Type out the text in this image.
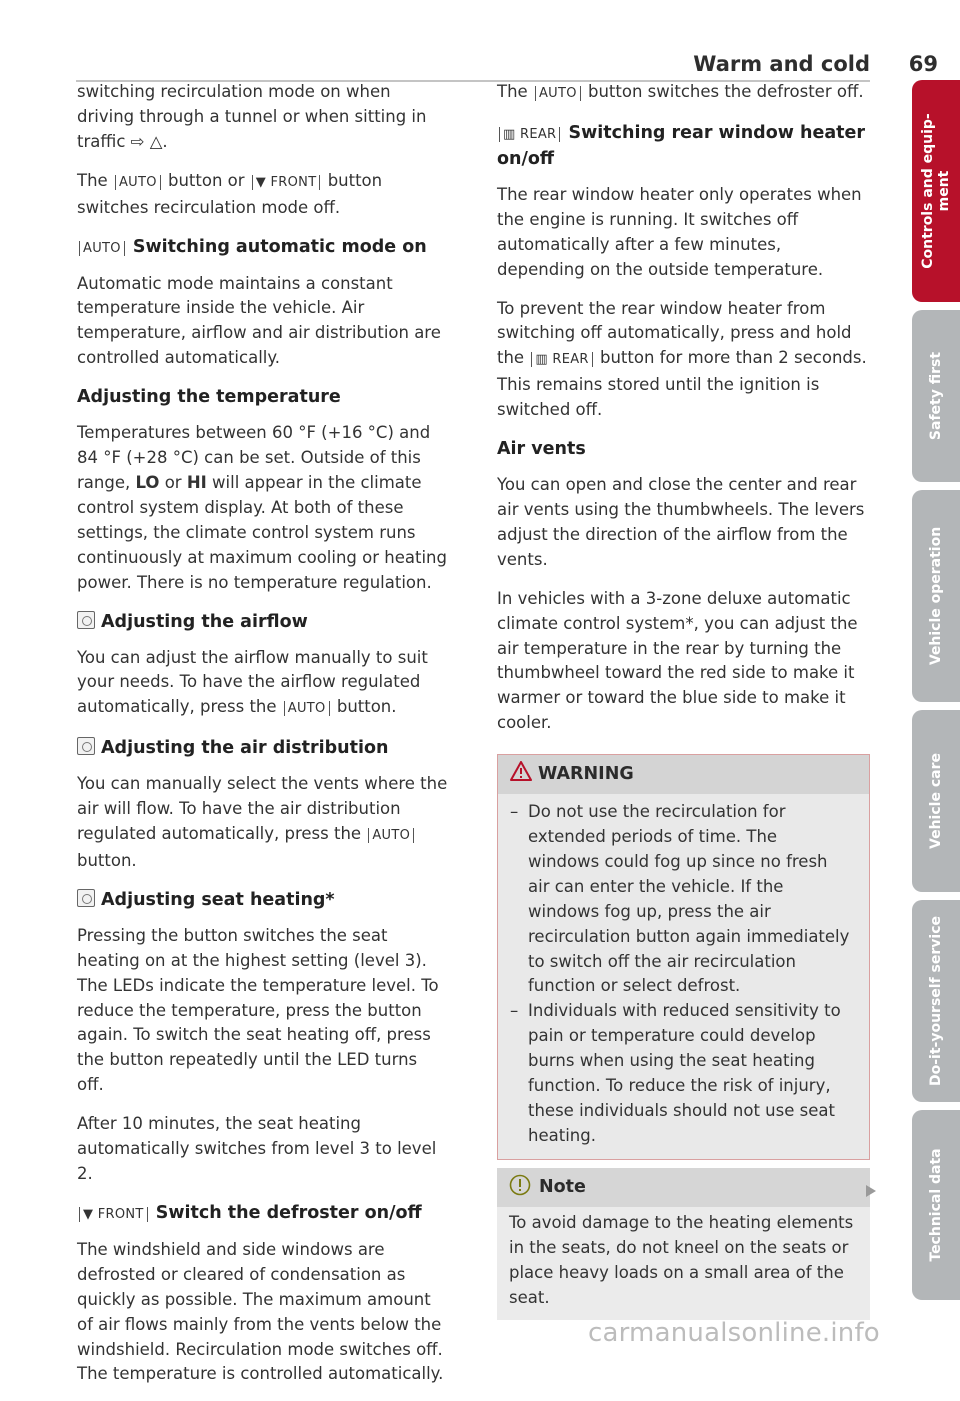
Warm and cold 69

switching recirculation mode on when driving through a tunnel or when sitting in traffic ⇨ △.

The AUTO button or ▼ FRONT button switches recirculation mode off.

AUTO Switching automatic mode on

Automatic mode maintains a constant temperature inside the vehicle. Air temperature, airflow and air distribution are controlled automatically.

Adjusting the temperature

Temperatures between 60 °F (+16 °C) and 84 °F (+28 °C) can be set. Outside of this range, LO or HI will appear in the climate control system display. At both of these settings, the climate control system runs continuously at maximum cooling or heating power. There is no temperature regulation.

Adjusting the airflow

You can adjust the airflow manually to suit your needs. To have the airflow regulated automatically, press the AUTO button.

Adjusting the air distribution

You can manually select the vents where the air will flow. To have the air distribution regulated automatically, press the AUTO button.

Adjusting seat heating*

Pressing the button switches the seat heating on at the highest setting (level 3). The LEDs indicate the temperature level. To reduce the temperature, press the button again. To switch the seat heating off, press the button repeatedly until the LED turns off.

After 10 minutes, the seat heating automatically switches from level 3 to level 2.

▼ FRONT Switch the defroster on/off

The windshield and side windows are defrosted or cleared of condensation as quickly as possible. The maximum amount of air flows mainly from the vents below the windshield. Recirculation mode switches off. The temperature is controlled automatically.

The AUTO button switches the defroster off.

▥ REAR Switching rear window heater on/off

The rear window heater only operates when the engine is running. It switches off automatically after a few minutes, depending on the outside temperature.

To prevent the rear window heater from switching off automatically, press and hold the ▥ REAR button for more than 2 seconds. This remains stored until the ignition is switched off.

Air vents

You can open and close the center and rear air vents using the thumbwheels. The levers adjust the direction of the airflow from the vents.

In vehicles with a 3-zone deluxe automatic climate control system*, you can adjust the air temperature in the rear by turning the thumbwheel toward the red side to make it warmer or toward the blue side to make it cooler.

WARNING
– Do not use the recirculation for extended periods of time. The windows could fog up since no fresh air can enter the vehicle. If the windows fog up, press the air recirculation button again immediately to switch off the air recirculation function or select defrost.
– Individuals with reduced sensitivity to pain or temperature could develop burns when using the seat heating function. To reduce the risk of injury, these individuals should not use seat heating.
Note
To avoid damage to the heating elements in the seats, do not kneel on the seats or place heavy loads on a small area of the seat.
Controls and equip- ment
Safety first
Vehicle operation
Vehicle care
Do-it-yourself service
Technical data
carmanualsonline.info
